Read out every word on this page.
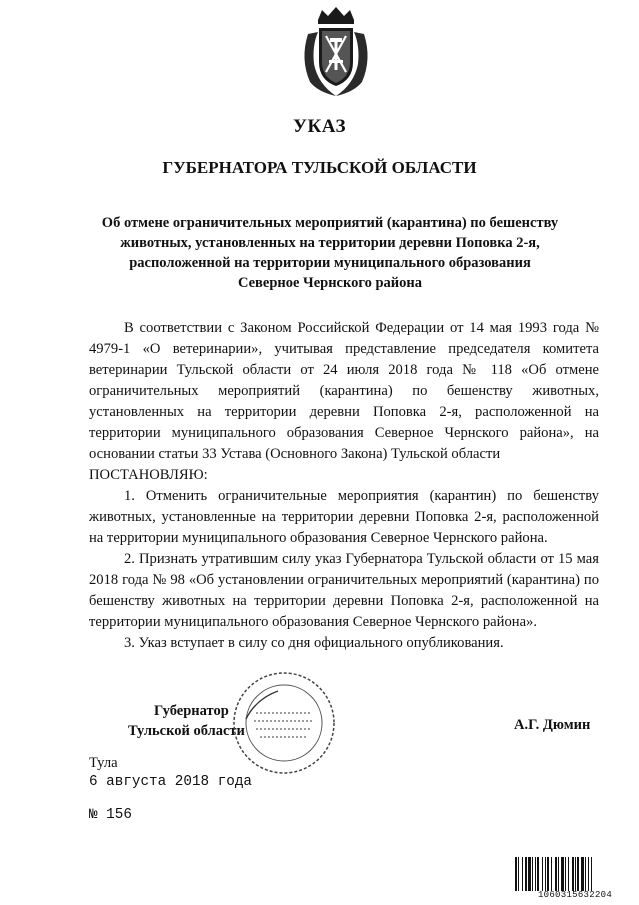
УКАЗ
ГУБЕРНАТОРА ТУЛЬСКОЙ ОБЛАСТИ
Об отмене ограничительных мероприятий (карантина) по бешенству
животных, установленных на территории деревни Поповка 2-я,
расположенной на территории муниципального образования
Северное Чернского района

В соответствии с Законом Российской Федерации от 14 мая 1993 года № 4979-1 «О ветеринарии», учитывая представление председателя комитета ветеринарии Тульской области от 24 июля 2018 года № 118 «Об отмене ограничительных мероприятий (карантина) по бешенству животных, установленных на территории деревни Поповка 2-я, расположенной на территории муниципального образования Северное Чернского района», на основании статьи 33 Устава (Основного Закона) Тульской области

ПОСТАНОВЛЯЮ:

1. Отменить ограничительные мероприятия (карантин) по бешенству животных, установленные на территории деревни Поповка 2-я, расположенной на территории муниципального образования Северное Чернского района.

2. Признать утратившим силу указ Губернатора Тульской области от 15 мая 2018 года № 98 «Об установлении ограничительных мероприятий (карантина) по бешенству животных на территории деревни Поповка 2-я, расположенной на территории муниципального образования Северное Чернского района».

3. Указ вступает в силу со дня официального опубликования.

Губернатор
Тульской области	А.Г. Дюмин
Тула
6 августа 2018 года
№ 156
1060315632204
